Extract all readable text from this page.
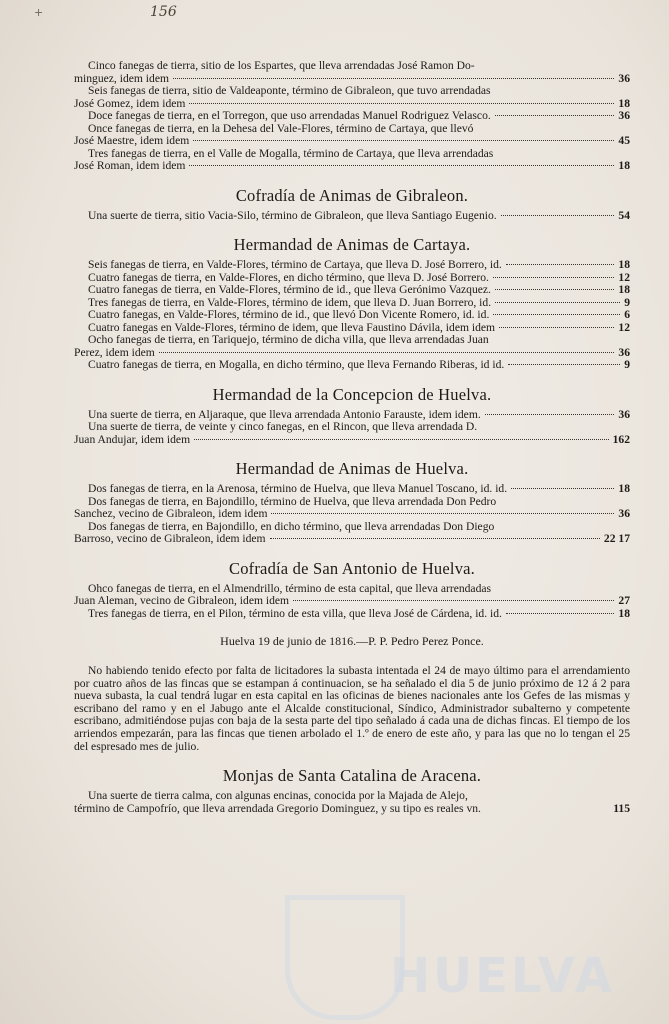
+	156
Cinco fanegas de tierra, sitio de los Espartes, que lleva arrendadas José Ramon Do-
minguez, idem idem	36
Seis fanegas de tierra, sitio de Valdeaponte, término de Gibraleon, que tuvo arrendadas
José Gomez, idem idem	18
Doce fanegas de tierra, en el Torregon, que uso arrendadas Manuel Rodriguez Velasco.	36
Once fanegas de tierra, en la Dehesa del Vale-Flores, término de Cartaya, que llevó
José Maestre, idem idem	45
Tres fanegas de tierra, en el Valle de Mogalla, término de Cartaya, que lleva arrendadas
José Roman, idem idem	18
Cofradía de Animas de Gibraleon.
Una suerte de tierra, sitio Vacia-Silo, término de Gibraleon, que lleva Santiago Eugenio.	54
Hermandad de Animas de Cartaya.
Seis fanegas de tierra, en Valde-Flores, término de Cartaya, que lleva D. José Borrero, id.	18
Cuatro fanegas de tierra, en Valde-Flores, en dicho término, que lleva D. José Borrero.	12
Cuatro fanegas de tierra, en Valde-Flores, término de id., que lleva Gerónimo Vazquez.	18
Tres fanegas de tierra, en Valde-Flores, término de idem, que lleva D. Juan Borrero, id.	9
Cuatro fanegas, en Valde-Flores, término de id., que llevó Don Vicente Romero, id. id.	6
Cuatro fanegas en Valde-Flores, término de idem, que lleva Faustino Dávila, idem idem	12
Ocho fanegas de tierra, en Tariquejo, término de dicha villa, que lleva arrendadas Juan
Perez, idem idem	36
Cuatro fanegas de tierra, en Mogalla, en dicho término, que lleva Fernando Riberas, id id.	9
Hermandad de la Concepcion de Huelva.
Una suerte de tierra, en Aljaraque, que lleva arrendada Antonio Farauste, idem idem.	36
Una suerte de tierra, de veinte y cinco fanegas, en el Rincon, que lleva arrendada D.
Juan Andujar, idem idem	162
Hermandad de Animas de Huelva.
Dos fanegas de tierra, en la Arenosa, término de Huelva, que lleva Manuel Toscano, id. id.	18
Dos fanegas de tierra, en Bajondillo, término de Huelva, que lleva arrendada Don Pedro
Sanchez, vecino de Gibraleon, idem idem	36
Dos fanegas de tierra, en Bajondillo, en dicho término, que lleva arrendadas Don Diego
Barroso, vecino de Gibraleon, idem idem	22 17
Cofradía de San Antonio de Huelva.
Ohco fanegas de tierra, en el Almendrillo, término de esta capital, que lleva arrendadas
Juan Aleman, vecino de Gibraleon, idem idem	27
Tres fanegas de tierra, en el Pilon, término de esta villa, que lleva José de Cárdena, id. id.	18
Huelva 19 de junio de 1816.—P. P. Pedro Perez Ponce.
No habiendo tenido efecto por falta de licitadores la subasta intentada el 24 de mayo último para el arrendamiento por cuatro años de las fincas que se estampan á continuacion, se ha señalado el dia 5 de junio próximo de 12 á 2 para nueva subasta, la cual tendrá lugar en esta capital en las oficinas de bienes nacionales ante los Gefes de las mismas y escribano del ramo y en el Jabugo ante el Alcalde constitucional, Síndico, Administrador subalterno y competente escribano, admitiéndose pujas con baja de la sesta parte del tipo señalado á cada una de dichas fincas. El tiempo de los arriendos empezarán, para las fincas que tienen arbolado el 1.º de enero de este año, y para las que no lo tengan el 25 del espresado mes de julio.
Monjas de Santa Catalina de Aracena.
Una suerte de tierra calma, con algunas encinas, conocida por la Majada de Alejo,
término de Campofrío, que lleva arrendada Gregorio Dominguez, y su tipo es reales vn.	115
HUELVA
